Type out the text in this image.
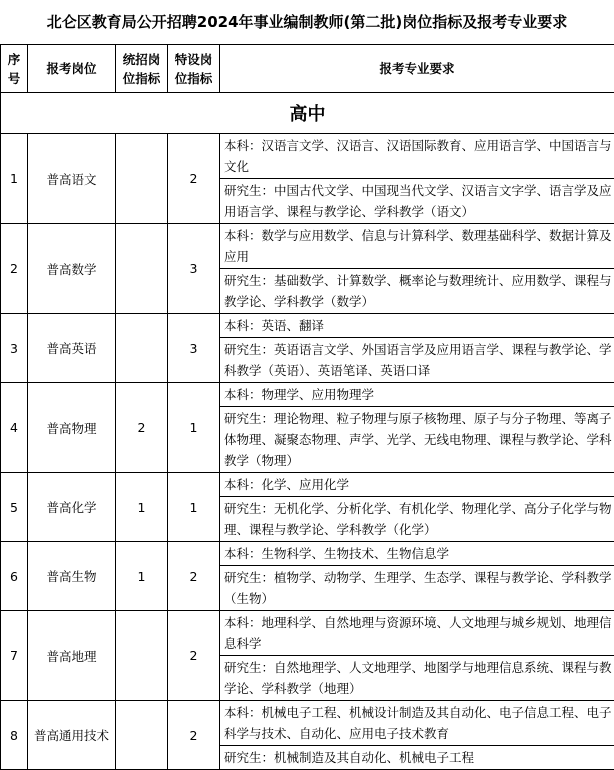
北仑区教育局公开招聘2024年事业编制教师(第二批)岗位指标及报考专业要求
序号	报考岗位	统招岗位指标	特设岗位指标	报考专业要求
高中				
1	普高语文		2	本科：汉语言文学、汉语言、汉语国际教育、应用语言学、中国语言与文化
				研究生：中国古代文学、中国现当代文学、汉语言文字学、语言学及应用语言学、课程与教学论、学科教学（语文）
2	普高数学		3	本科：数学与应用数学、信息与计算科学、数理基础科学、数据计算及应用
				研究生：基础数学、计算数学、概率论与数理统计、应用数学、课程与教学论、学科教学（数学）
3	普高英语		3	本科：英语、翻译
				研究生：英语语言文学、外国语言学及应用语言学、课程与教学论、学科教学（英语）、英语笔译、英语口译
4	普高物理	2	1	本科：物理学、应用物理学
				研究生：理论物理、粒子物理与原子核物理、原子与分子物理、等离子体物理、凝聚态物理、声学、光学、无线电物理、课程与教学论、学科教学（物理）
5	普高化学	1	1	本科：化学、应用化学
				研究生：无机化学、分析化学、有机化学、物理化学、高分子化学与物理、课程与教学论、学科教学（化学）
6	普高生物	1	2	本科：生物科学、生物技术、生物信息学
				研究生：植物学、动物学、生理学、生态学、课程与教学论、学科教学（生物）
7	普高地理		2	本科：地理科学、自然地理与资源环境、人文地理与城乡规划、地理信息科学
				研究生：自然地理学、人文地理学、地图学与地理信息系统、课程与教学论、学科教学（地理）
8	普高通用技术		2	本科：机械电子工程、机械设计制造及其自动化、电子信息工程、电子科学与技术、自动化、应用电子技术教育
				研究生：机械制造及其自动化、机械电子工程
